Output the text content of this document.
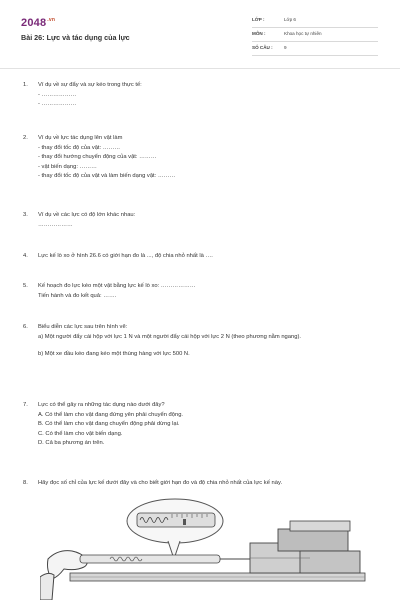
$2048^{.vn}$
Bài 26: Lực và tác dụng của lực
LỚP :	Lớp 6
MÔN :	Khoa học tự nhiên
SỐ CÂU : 9
1. Ví dụ về sự đẩy và sự kéo trong thực tế:
- ………………
- ………………
2. Ví dụ về lực tác dụng lên vật làm
- thay đổi tốc độ của vật: ………
- thay đổi hướng chuyển động của vật: ………
- vật biến dạng: ………
- thay đổi tốc độ của vật và làm biến dạng vật: ………
3. Ví dụ về các lực có độ lớn khác nhau:
………………
4. Lực kế lò xo ở hình 26.6 có giới hạn đo là ..., độ chia nhỏ nhất là ….
5. Kế hoạch đo lực kéo một vật bằng lực kế lò xo: ………………
Tiến hành và đo kết quả: …….
6. Biểu diễn các lực sau trên hình vẽ:
a) Một người đẩy cái hộp với lực 1 N và một người đẩy cái hộp với lực 2 N (theo phương nằm ngang).
b) Một xe đầu kéo đang kéo một thùng hàng với lực 500 N.
7. Lực có thể gây ra những tác dụng nào dưới đây?
A. Có thể làm cho vật đang đứng yên phải chuyển động.
B. Có thể làm cho vật đang chuyển động phải dừng lại.
C. Có thể làm cho vật biến dạng.
D. Cả ba phương án trên.
8. Hãy đọc số chỉ của lực kế dưới đây và cho biết giới hạn đo và độ chia nhỏ nhất của lực kế này.
